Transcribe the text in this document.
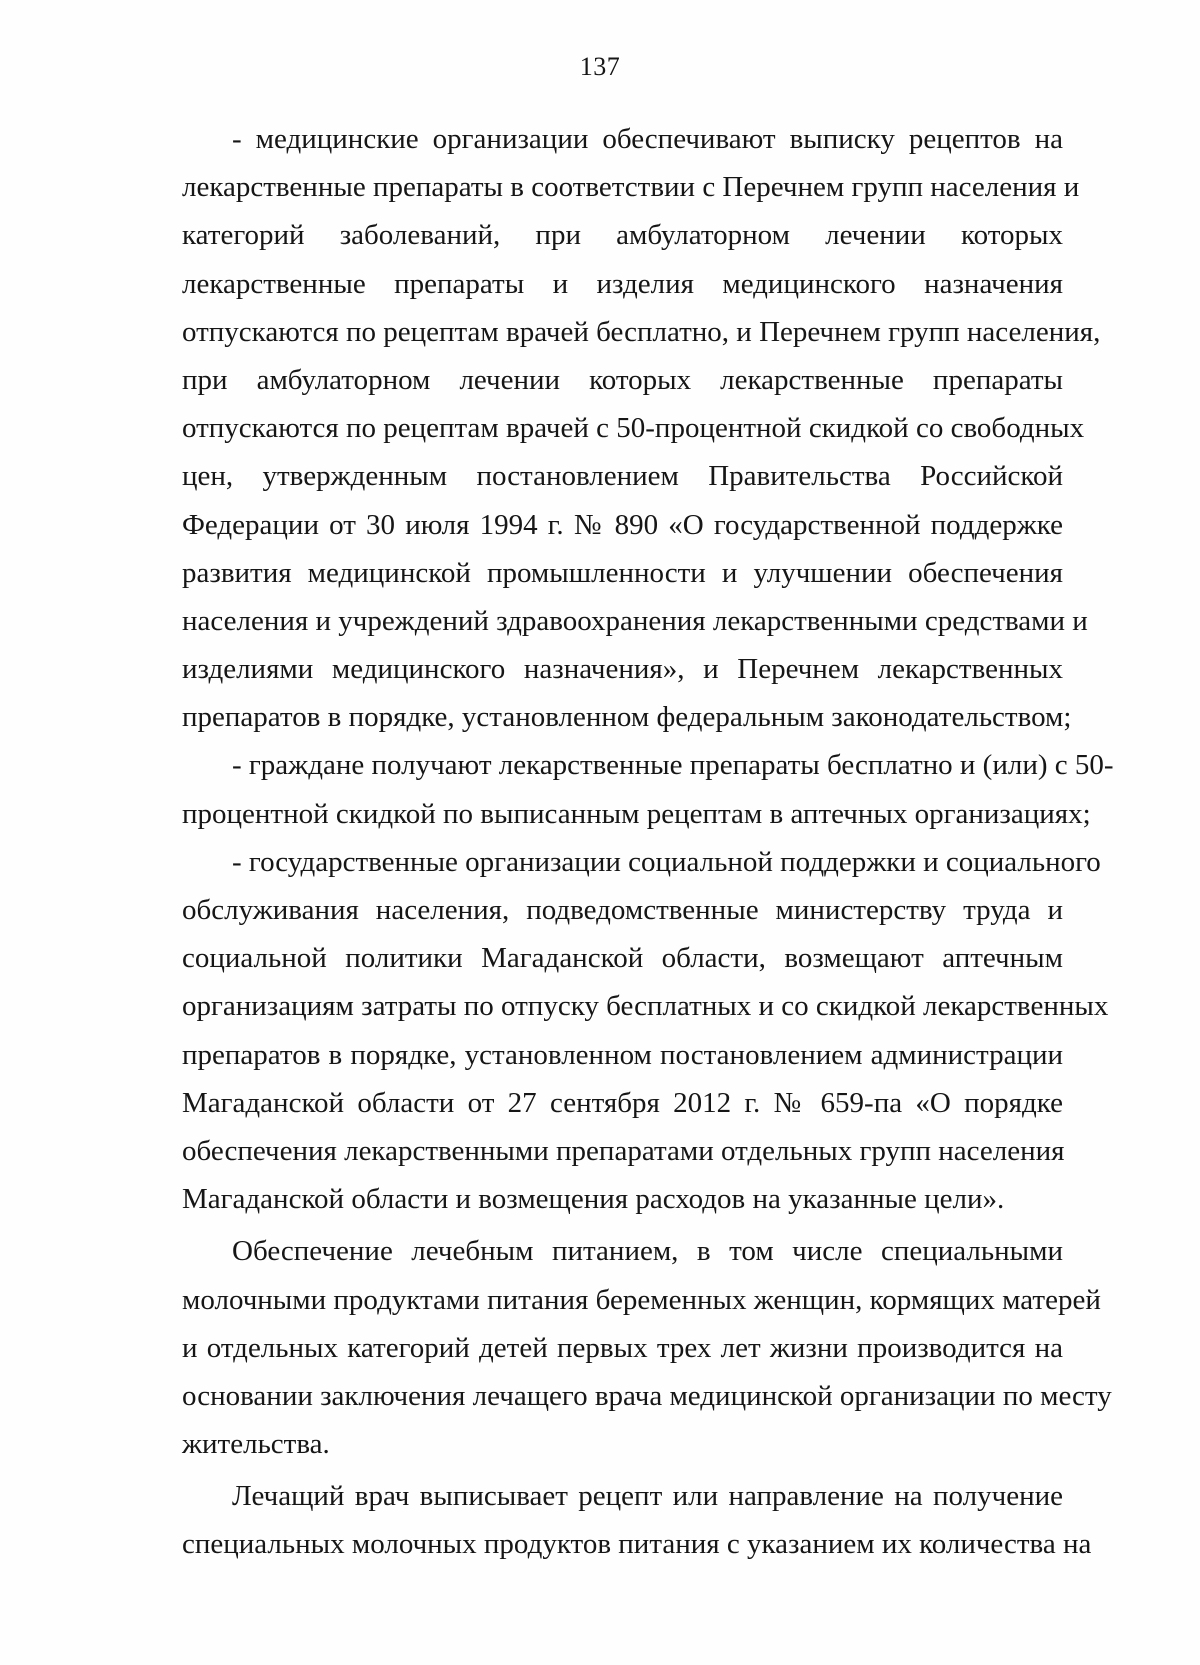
137
- медицинские организации обеспечивают выписку рецептов на
лекарственные препараты в соответствии с Перечнем групп населения и
категорий заболеваний, при амбулаторном лечении которых
лекарственные препараты и изделия медицинского назначения
отпускаются по рецептам врачей бесплатно, и Перечнем групп населения,
при амбулаторном лечении которых лекарственные препараты
отпускаются по рецептам врачей с 50-процентной скидкой со свободных
цен, утвержденным постановлением Правительства Российской
Федерации от 30 июля 1994 г. № 890 «О государственной поддержке
развития медицинской промышленности и улучшении обеспечения
населения и учреждений здравоохранения лекарственными средствами и
изделиями медицинского назначения», и Перечнем лекарственных
препаратов в порядке, установленном федеральным законодательством;
- граждане получают лекарственные препараты бесплатно и (или) с 50-
процентной скидкой по выписанным рецептам в аптечных организациях;
- государственные организации социальной поддержки и социального
обслуживания населения, подведомственные министерству труда и
социальной политики Магаданской области, возмещают аптечным
организациям затраты по отпуску бесплатных и со скидкой лекарственных
препаратов в порядке, установленном постановлением администрации
Магаданской области от 27 сентября 2012 г. № 659-па «О порядке
обеспечения лекарственными препаратами отдельных групп населения
Магаданской области и возмещения расходов на указанные цели».
Обеспечение лечебным питанием, в том числе специальными
молочными продуктами питания беременных женщин, кормящих матерей
и отдельных категорий детей первых трех лет жизни производится на
основании заключения лечащего врача медицинской организации по месту
жительства.
Лечащий врач выписывает рецепт или направление на получение
специальных молочных продуктов питания с указанием их количества на
